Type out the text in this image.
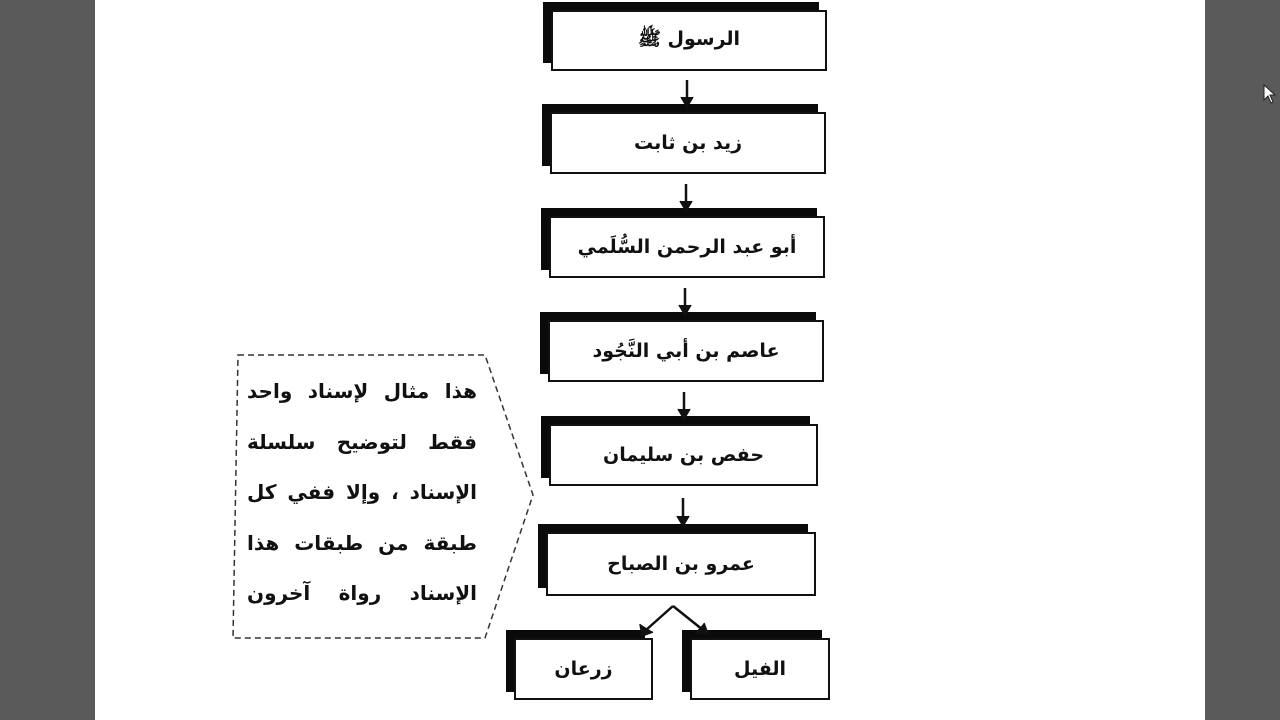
الرسول ﷺ
زيد بن ثابت
أبو عبد الرحمن السُّلَمي
عاصم بن أبي النَّجُود
حفص بن سليمان
عمرو بن الصباح
زرعان	الفيل
هذا مثال لإسناد واحد
فقط لتوضيح سلسلة
الإسناد ، وإلا ففي كل
طبقة من طبقات هذا
الإسناد رواة آخرون
